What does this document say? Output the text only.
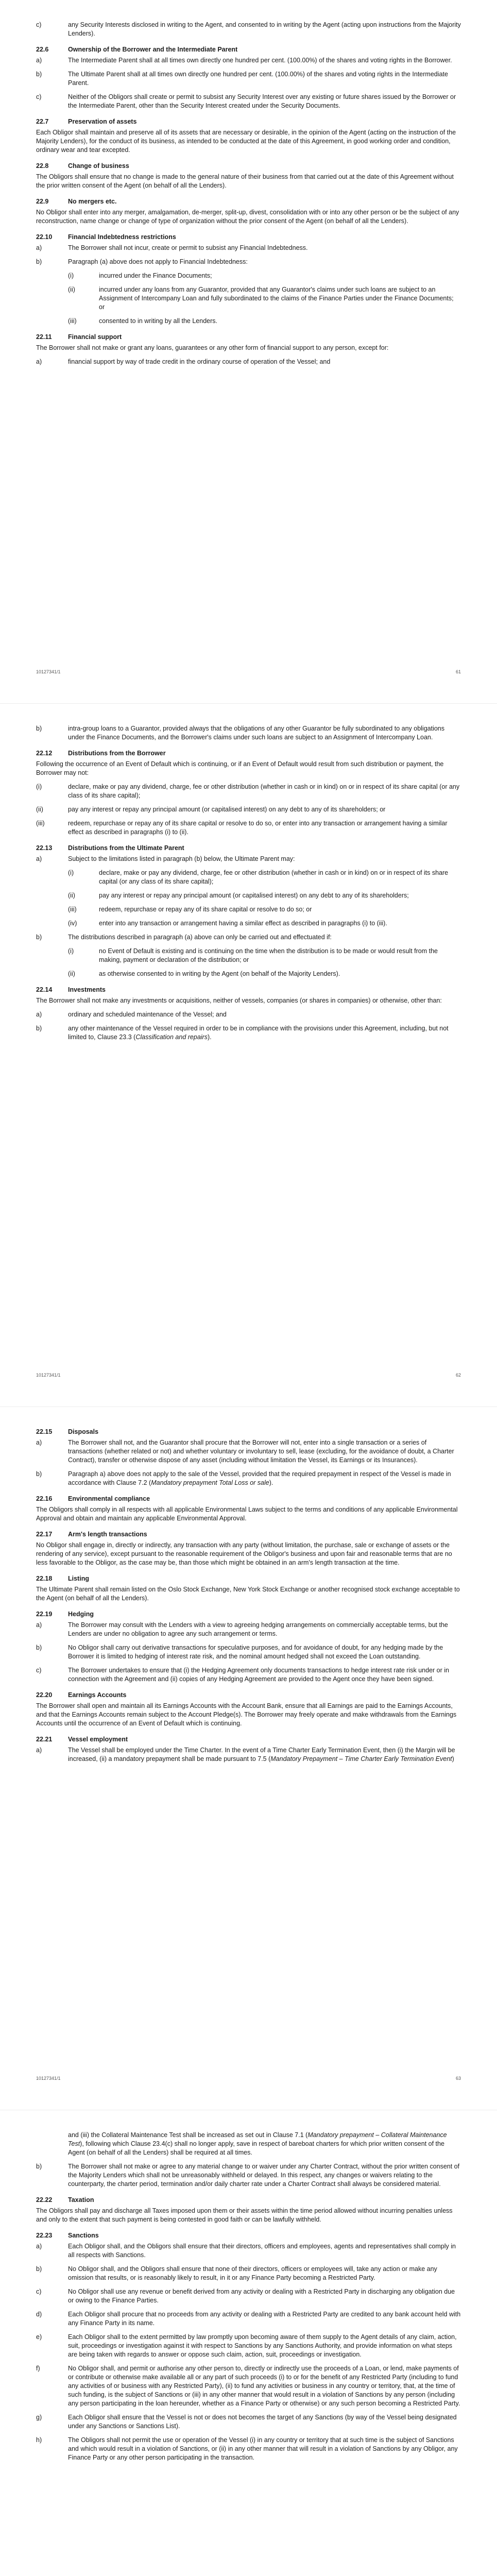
c)	any Security Interests disclosed in writing to the Agent, and consented to in writing by the Agent (acting upon instructions from the Majority Lenders).
22.6	Ownership of the Borrower and the Intermediate Parent
a)	The Intermediate Parent shall at all times own directly one hundred per cent. (100.00%) of the shares and voting rights in the Borrower.
b)	The Ultimate Parent shall at all times own directly one hundred per cent. (100.00%) of the shares and voting rights in the Intermediate Parent.
c)	Neither of the Obligors shall create or permit to subsist any Security Interest over any existing or future shares issued by the Borrower or the Intermediate Parent, other than the Security Interest created under the Security Documents.
22.7	Preservation of assets
Each Obligor shall maintain and preserve all of its assets that are necessary or desirable, in the opinion of the Agent (acting on the instruction of the Majority Lenders), for the conduct of its business, as intended to be conducted at the date of this Agreement, in good working order and condition, ordinary wear and tear excepted.
22.8	Change of business
The Obligors shall ensure that no change is made to the general nature of their business from that carried out at the date of this Agreement without the prior written consent of the Agent (on behalf of all the Lenders).
22.9	No mergers etc.
No Obligor shall enter into any merger, amalgamation, de-merger, split-up, divest, consolidation with or into any other person or be the subject of any reconstruction, name change or change of type of organization without the prior consent of the Agent (on behalf of all the Lenders).
22.10	Financial Indebtedness restrictions
a)	The Borrower shall not incur, create or permit to subsist any Financial Indebtedness.
b)	Paragraph (a) above does not apply to Financial Indebtedness:
(i)	incurred under the Finance Documents;
(ii)	incurred under any loans from any Guarantor, provided that any Guarantor's claims under such loans are subject to an Assignment of Intercompany Loan and fully subordinated to the claims of the Finance Parties under the Finance Documents; or
(iii)	consented to in writing by all the Lenders.
22.11	Financial support
The Borrower shall not make or grant any loans, guarantees or any other form of financial support to any person, except for:
a)	financial support by way of trade credit in the ordinary course of operation of the Vessel; and
10127341/1	61
b)	intra-group loans to a Guarantor, provided always that the obligations of any other Guarantor be fully subordinated to any obligations under the Finance Documents, and the Borrower's claims under such loans are subject to an Assignment of Intercompany Loan.
22.12	Distributions from the Borrower
Following the occurrence of an Event of Default which is continuing, or if an Event of Default would result from such distribution or payment, the Borrower may not:
(i)	declare, make or pay any dividend, charge, fee or other distribution (whether in cash or in kind) on or in respect of its share capital (or any class of its share capital);
(ii)	pay any interest or repay any principal amount (or capitalised interest) on any debt to any of its shareholders; or
(iii)	redeem, repurchase or repay any of its share capital or resolve to do so, or enter into any transaction or arrangement having a similar effect as described in paragraphs (i) to (ii).
22.13	Distributions from the Ultimate Parent
a)	Subject to the limitations listed in paragraph (b) below, the Ultimate Parent may:
(i)	declare, make or pay any dividend, charge, fee or other distribution (whether in cash or in kind) on or in respect of its share capital (or any class of its share capital);
(ii)	pay any interest or repay any principal amount (or capitalised interest) on any debt to any of its shareholders;
(iii)	redeem, repurchase or repay any of its share capital or resolve to do so; or
(iv)	enter into any transaction or arrangement having a similar effect as described in paragraphs (i) to (iii).
b)	The distributions described in paragraph (a) above can only be carried out and effectuated if:
(i)	no Event of Default is existing and is continuing on the time when the distribution is to be made or would result from the making, payment or declaration of the distribution; or
(ii)	as otherwise consented to in writing by the Agent (on behalf of the Majority Lenders).
22.14	Investments
The Borrower shall not make any investments or acquisitions, neither of vessels, companies (or shares in companies) or otherwise, other than:
a)	ordinary and scheduled maintenance of the Vessel; and
b)	any other maintenance of the Vessel required in order to be in compliance with the provisions under this Agreement, including, but not limited to, Clause 23.3 (Classification and repairs).
10127341/1	62
22.15	Disposals
a)	The Borrower shall not, and the Guarantor shall procure that the Borrower will not, enter into a single transaction or a series of transactions (whether related or not) and whether voluntary or involuntary to sell, lease (excluding, for the avoidance of doubt, a Charter Contract), transfer or otherwise dispose of any asset (including without limitation the Vessel, its Earnings or its Insurances).
b)	Paragraph a) above does not apply to the sale of the Vessel, provided that the required prepayment in respect of the Vessel is made in accordance with Clause 7.2 (Mandatory prepayment Total Loss or sale).
22.16	Environmental compliance
The Obligors shall comply in all respects with all applicable Environmental Laws subject to the terms and conditions of any applicable Environmental Approval and obtain and maintain any applicable Environmental Approval.
22.17	Arm's length transactions
No Obligor shall engage in, directly or indirectly, any transaction with any party (without limitation, the purchase, sale or exchange of assets or the rendering of any service), except pursuant to the reasonable requirement of the Obligor's business and upon fair and reasonable terms that are no less favorable to the Obligor, as the case may be, than those which might be obtained in an arm's length transaction at the time.
22.18	Listing
The Ultimate Parent shall remain listed on the Oslo Stock Exchange, New York Stock Exchange or another recognised stock exchange acceptable to the Agent (on behalf of all the Lenders).
22.19	Hedging
a)	The Borrower may consult with the Lenders with a view to agreeing hedging arrangements on commercially acceptable terms, but the Lenders are under no obligation to agree any such arrangement or terms.
b)	No Obligor shall carry out derivative transactions for speculative purposes, and for avoidance of doubt, for any hedging made by the Borrower it is limited to hedging of interest rate risk, and the nominal amount hedged shall not exceed the Loan outstanding.
c)	The Borrower undertakes to ensure that (i) the Hedging Agreement only documents transactions to hedge interest rate risk under or in connection with the Agreement and (ii) copies of any Hedging Agreement are provided to the Agent once they have been signed.
22.20	Earnings Accounts
The Borrower shall open and maintain all its Earnings Accounts with the Account Bank, ensure that all Earnings are paid to the Earnings Accounts, and that the Earnings Accounts remain subject to the Account Pledge(s). The Borrower may freely operate and make withdrawals from the Earnings Accounts until the occurrence of an Event of Default which is continuing.
22.21	Vessel employment
a)	The Vessel shall be employed under the Time Charter. In the event of a Time Charter Early Termination Event, then (i) the Margin will be increased, (ii) a mandatory prepayment shall be made pursuant to 7.5 (Mandatory Prepayment – Time Charter Early Termination Event)
10127341/1	63
and (iii) the Collateral Maintenance Test shall be increased as set out in Clause 7.1 (Mandatory prepayment – Collateral Maintenance Test), following which Clause 23.4(c) shall no longer apply, save in respect of bareboat charters for which prior written consent of the Agent (on behalf of all the Lenders) shall be required at all times.
b)	The Borrower shall not make or agree to any material change to or waiver under any Charter Contract, without the prior written consent of the Majority Lenders which shall not be unreasonably withheld or delayed. In this respect, any changes or waivers relating to the counterparty, the charter period, termination and/or daily charter rate under a Charter Contract shall always be considered material.
22.22	Taxation
The Obligors shall pay and discharge all Taxes imposed upon them or their assets within the time period allowed without incurring penalties unless and only to the extent that such payment is being contested in good faith or can be lawfully withheld.
22.23	Sanctions
a)	Each Obligor shall, and the Obligors shall ensure that their directors, officers and employees, agents and representatives shall comply in all respects with Sanctions.
b)	No Obligor shall, and the Obligors shall ensure that none of their directors, officers or employees will, take any action or make any omission that results, or is reasonably likely to result, in it or any Finance Party becoming a Restricted Party.
c)	No Obligor shall use any revenue or benefit derived from any activity or dealing with a Restricted Party in discharging any obligation due or owing to the Finance Parties.
d)	Each Obligor shall procure that no proceeds from any activity or dealing with a Restricted Party are credited to any bank account held with any Finance Party in its name.
e)	Each Obligor shall to the extent permitted by law promptly upon becoming aware of them supply to the Agent details of any claim, action, suit, proceedings or investigation against it with respect to Sanctions by any Sanctions Authority, and provide information on what steps are being taken with regards to answer or oppose such claim, action, suit, proceedings or investigation.
f)	No Obligor shall, and permit or authorise any other person to, directly or indirectly use the proceeds of a Loan, or lend, make payments of or contribute or otherwise make available all or any part of such proceeds (i) to or for the benefit of any Restricted Party (including to fund any activities of or business with any Restricted Party), (ii) to fund any activities or business in any country or territory, that, at the time of such funding, is the subject of Sanctions or (iii) in any other manner that would result in a violation of Sanctions by any person (including any person participating in the loan hereunder, whether as a Finance Party or otherwise) or any such person becoming a Restricted Party.
g)	Each Obligor shall ensure that the Vessel is not or does not becomes the target of any Sanctions (by way of the Vessel being designated under any Sanctions or Sanctions List).
h)	The Obligors shall not permit the use or operation of the Vessel (i) in any country or territory that at such time is the subject of Sanctions and which would result in a violation of Sanctions, or (ii) in any other manner that will result in a violation of Sanctions by any Obligor, any Finance Party or any other person participating in the transaction.
